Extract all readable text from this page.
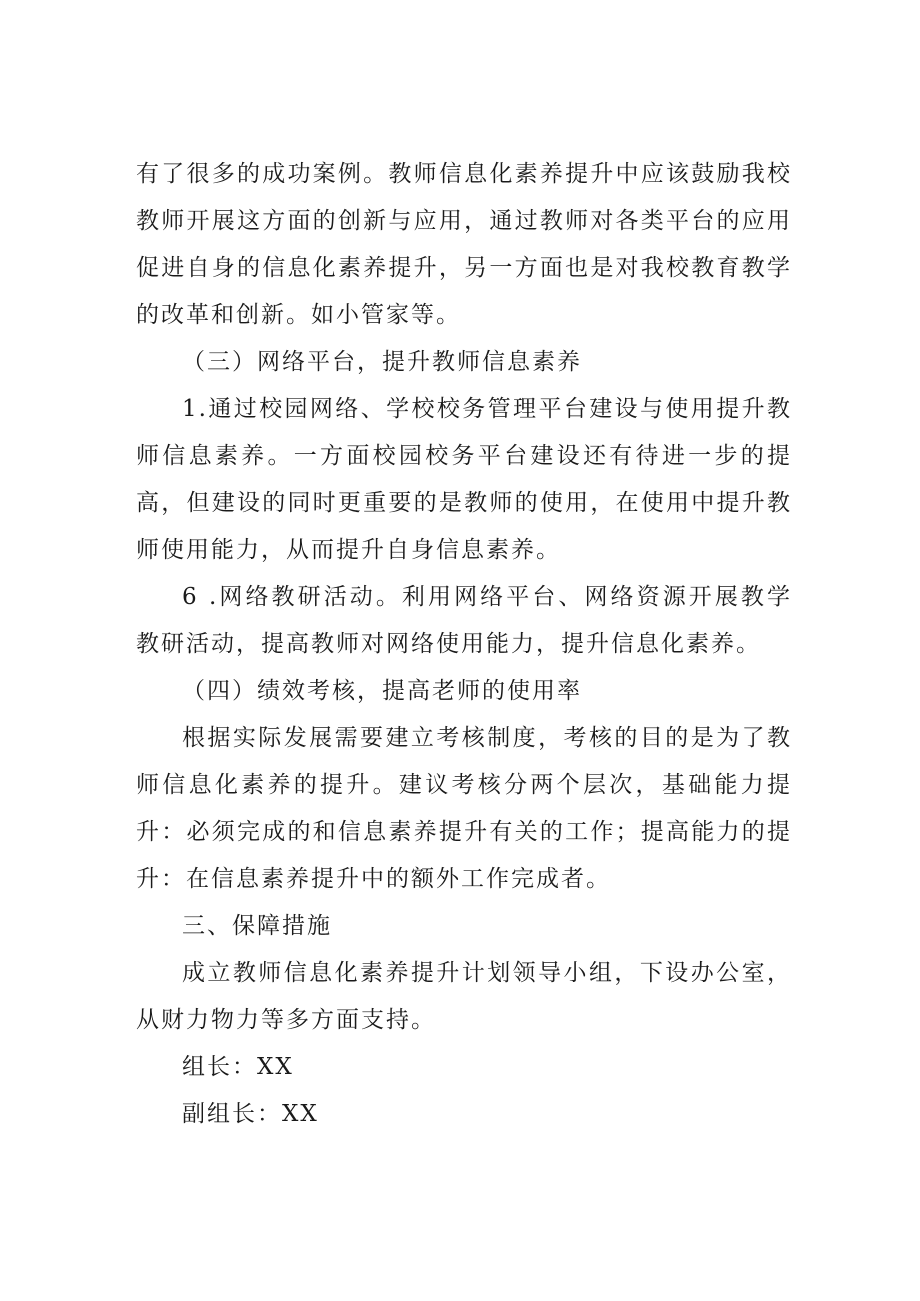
有了很多的成功案例。教师信息化素养提升中应该鼓励我校教师开展这方面的创新与应用，通过教师对各类平台的应用促进自身的信息化素养提升，另一方面也是对我校教育教学的改革和创新。如小管家等。

（三）网络平台，提升教师信息素养

1.通过校园网络、学校校务管理平台建设与使用提升教师信息素养。一方面校园校务平台建设还有待进一步的提高，但建设的同时更重要的是教师的使用，在使用中提升教师使用能力，从而提升自身信息素养。

6 .网络教研活动。利用网络平台、网络资源开展教学教研活动，提高教师对网络使用能力，提升信息化素养。

（四）绩效考核，提高老师的使用率

根据实际发展需要建立考核制度，考核的目的是为了教师信息化素养的提升。建议考核分两个层次，基础能力提升：必须完成的和信息素养提升有关的工作；提高能力的提升：在信息素养提升中的额外工作完成者。

三、保障措施

成立教师信息化素养提升计划领导小组，下设办公室，从财力物力等多方面支持。

组长：XX

副组长：XX
